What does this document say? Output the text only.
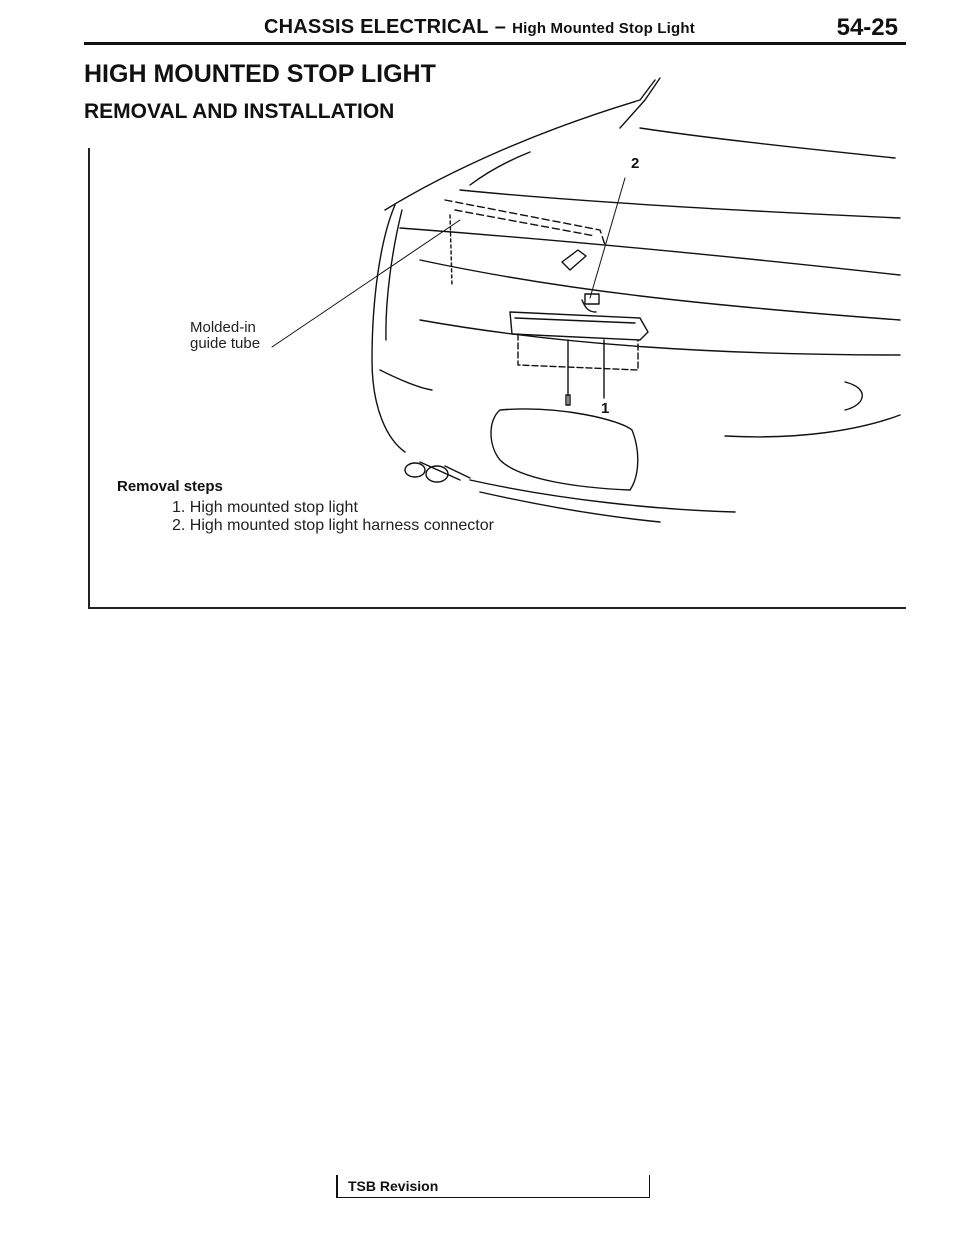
CHASSIS ELECTRICAL – High Mounted Stop Light	54-25
HIGH MOUNTED STOP LIGHT
REMOVAL AND INSTALLATION
Molded-in
guide tube
2
1
Removal steps
1. High mounted stop light
2. High mounted stop light harness connector
TSB Revision
